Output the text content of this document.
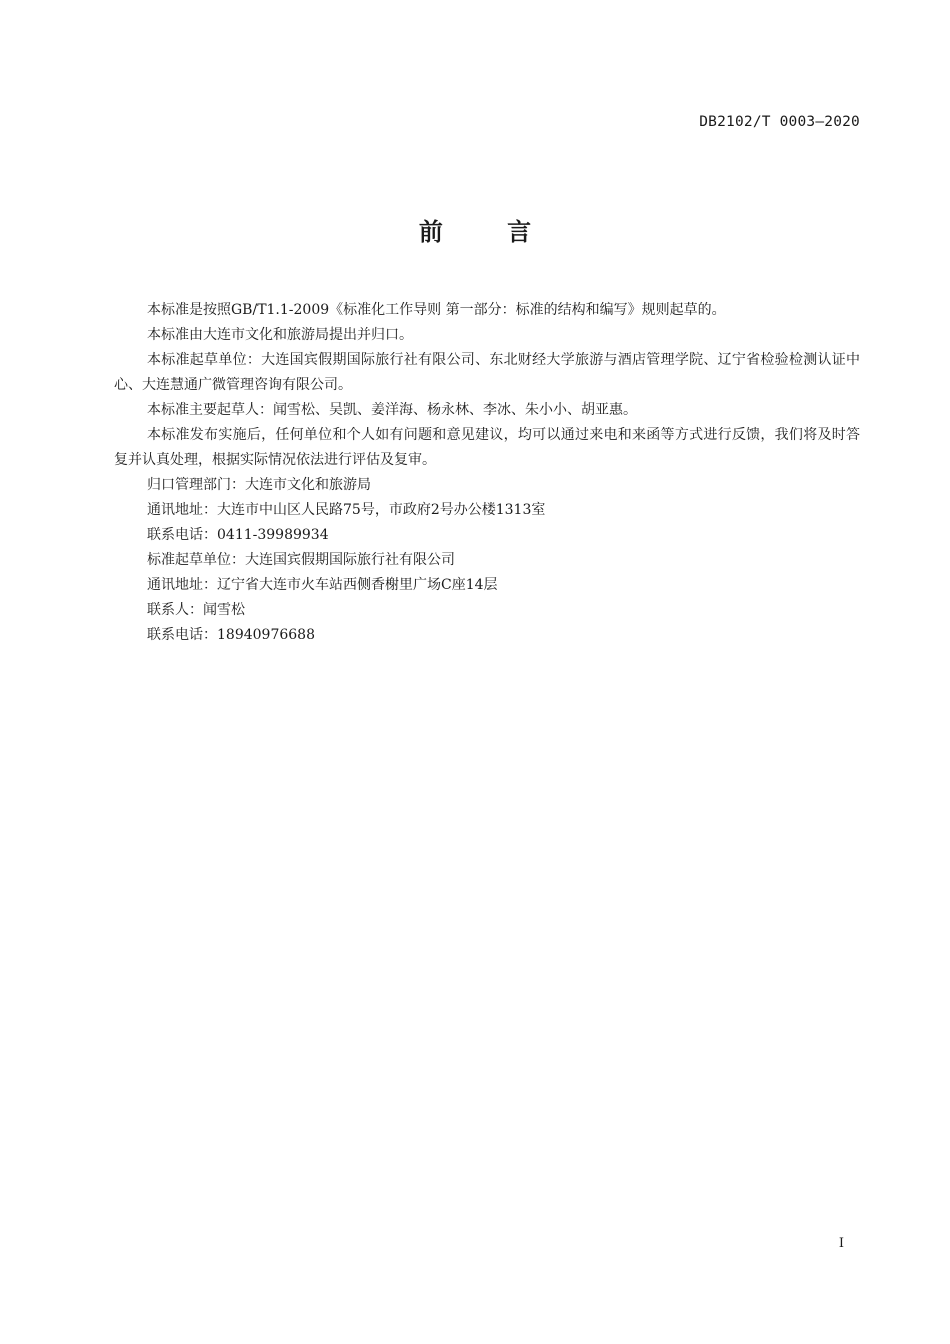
DB2102/T 0003—2020
前 言

本标准是按照GB/T1.1-2009《标准化工作导则 第一部分：标准的结构和编写》规则起草的。

本标准由大连市文化和旅游局提出并归口。

本标准起草单位：大连国宾假期国际旅行社有限公司、东北财经大学旅游与酒店管理学院、辽宁省检验检测认证中心、大连慧通广微管理咨询有限公司。

本标准主要起草人：闻雪松、吴凯、姜洋海、杨永林、李冰、朱小小、胡亚惠。

本标准发布实施后，任何单位和个人如有问题和意见建议，均可以通过来电和来函等方式进行反馈，我们将及时答复并认真处理，根据实际情况依法进行评估及复审。

归口管理部门：大连市文化和旅游局

通讯地址：大连市中山区人民路75号，市政府2号办公楼1313室

联系电话：0411-39989934

标准起草单位：大连国宾假期国际旅行社有限公司

通讯地址：辽宁省大连市火车站西侧香榭里广场C座14层

联系人：闻雪松

联系电话：18940976688

I
